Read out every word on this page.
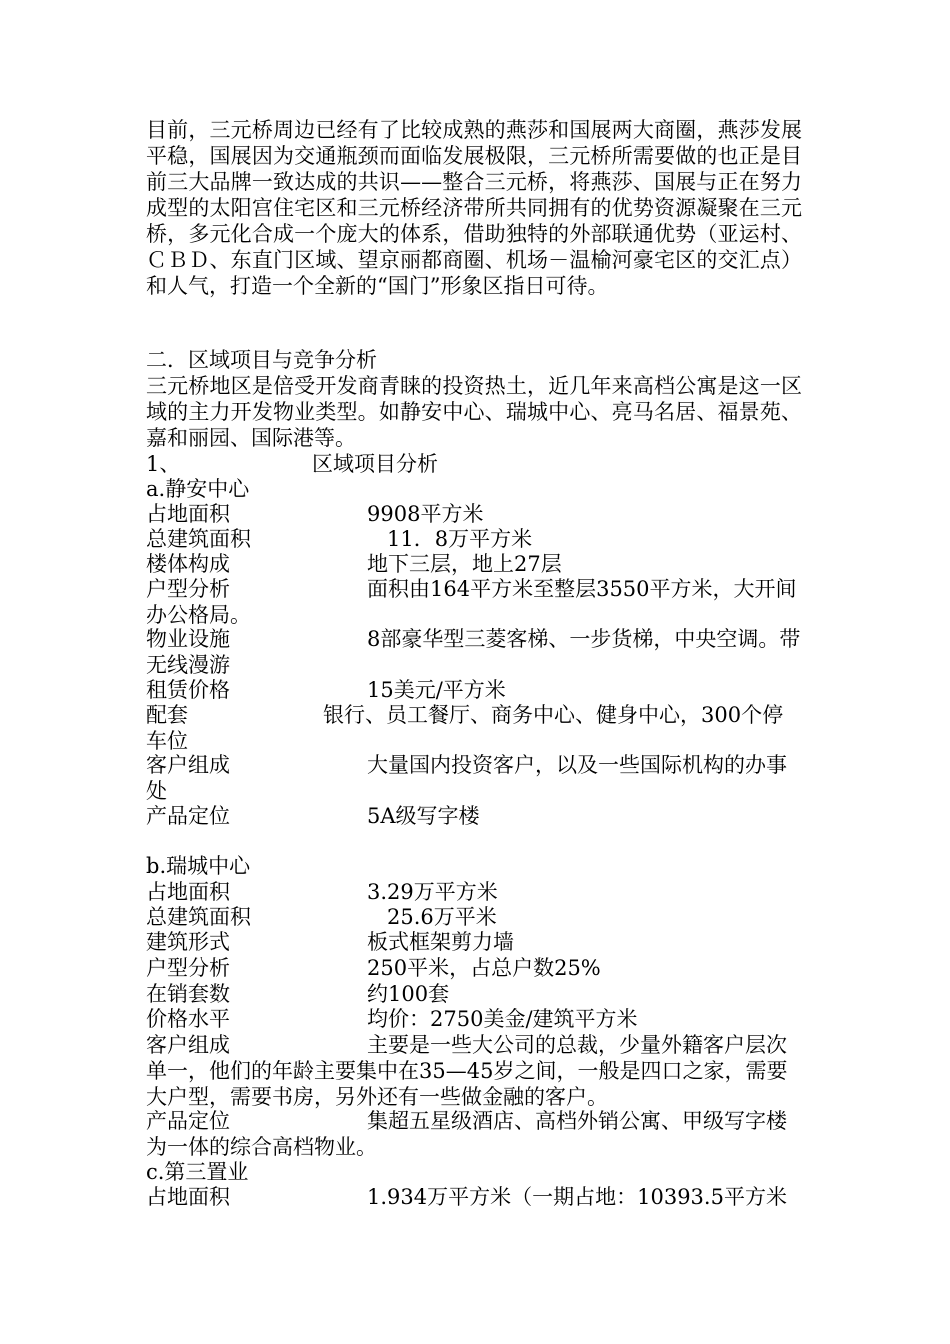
目前，三元桥周边已经有了比较成熟的燕莎和国展两大商圈，燕莎发展平稳，国展因为交通瓶颈而面临发展极限，三元桥所需要做的也正是目前三大品牌一致达成的共识——整合三元桥，将燕莎、国展与正在努力成型的太阳宫住宅区和三元桥经济带所共同拥有的优势资源凝聚在三元桥，多元化合成一个庞大的体系，借助独特的外部联通优势（亚运村、ＣＢＤ、东直门区域、望京丽都商圈、机场－温榆河豪宅区的交汇点）和人气，打造一个全新的“国门”形象区指日可待。

二．区域项目与竞争分析

三元桥地区是倍受开发商青睐的投资热土，近几年来高档公寓是这一区域的主力开发物业类型。如静安中心、瑞城中心、亮马名居、福景苑、嘉和丽园、国际港等。

1、	区域项目分析
a.静安中心
占地面积	9908平方米
总建筑面积	11．8万平方米
楼体构成	地下三层，地上27层
户型分析	面积由164平方米至整层3550平方米，大开间办公格局。
物业设施	8部豪华型三菱客梯、一步货梯，中央空调。带无线漫游
租赁价格	15美元/平方米
配套	银行、员工餐厅、商务中心、健身中心，300个停车位
客户组成	大量国内投资客户，以及一些国际机构的办事处
产品定位	5A级写字楼
b.瑞城中心
占地面积	3.29万平方米
总建筑面积	25.6万平米
建筑形式	板式框架剪力墙
户型分析	250平米，占总户数25%
在销套数	约100套
价格水平	均价：2750美金/建筑平方米
客户组成	主要是一些大公司的总裁，少量外籍客户层次单一，他们的年龄主要集中在35—45岁之间，一般是四口之家，需要大户型，需要书房，另外还有一些做金融的客户。
产品定位	集超五星级酒店、高档外销公寓、甲级写字楼为一体的综合高档物业。
c.第三置业
占地面积	1.934万平方米（一期占地：10393.5平方米
